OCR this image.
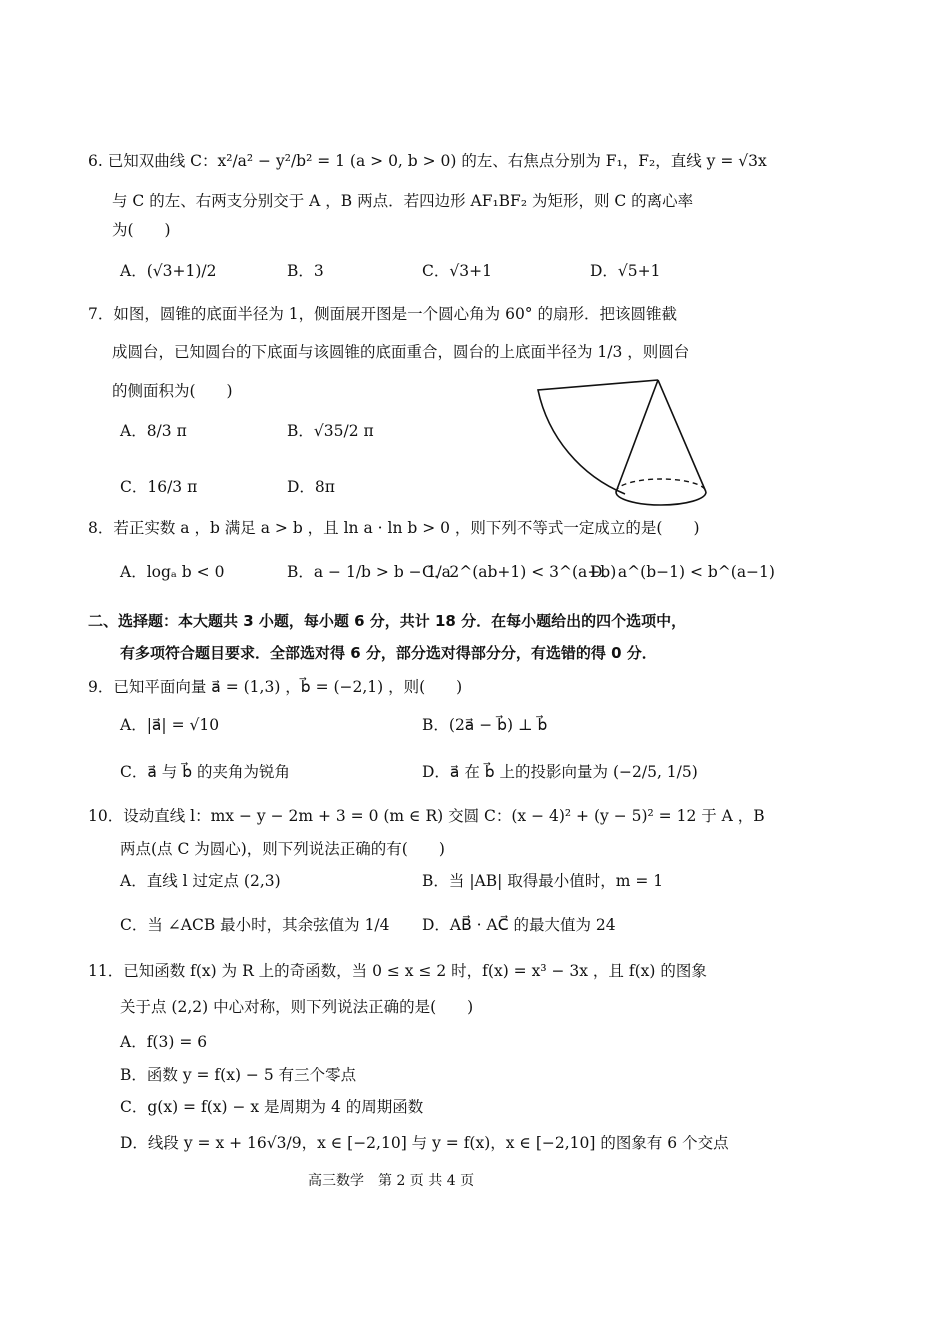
6. 已知双曲线 C：x²/a² − y²/b² = 1 (a > 0, b > 0) 的左、右焦点分别为 F₁，F₂，直线 y = √3x
与 C 的左、右两支分别交于 A ，B 两点．若四边形 AF₁BF₂ 为矩形，则 C 的离心率
为(　　)
A．(√3+1)/2	B．3	C．√3+1	D．√5+1
7．如图，圆锥的底面半径为 1，侧面展开图是一个圆心角为 60° 的扇形．把该圆锥截
成圆台，已知圆台的下底面与该圆锥的底面重合，圆台的上底面半径为 1/3 ，则圆台
的侧面积为(　　)
A．8/3 π	B．√35/2 π
C．16/3 π	D．8π
8．若正实数 a ，b 满足 a > b ，且 ln a · ln b > 0 ，则下列不等式一定成立的是(　　)
A．logₐ b < 0	B．a − 1/b > b − 1/a
C．2^(ab+1) < 3^(a+b)
D．a^(b−1) < b^(a−1)
二、选择题：本大题共 3 小题，每小题 6 分，共计 18 分．在每小题给出的四个选项中，
有多项符合题目要求．全部选对得 6 分，部分选对得部分分，有选错的得 0 分．
9．已知平面向量 a⃗ = (1,3) ，b⃗ = (−2,1) ，则(　　)
A．|a⃗| = √10	B．(2a⃗ − b⃗) ⊥ b⃗
C．a⃗ 与 b⃗ 的夹角为锐角	D．a⃗ 在 b⃗ 上的投影向量为 (−2/5, 1/5)
10．设动直线 l：mx − y − 2m + 3 = 0 (m ∈ R) 交圆 C：(x − 4)² + (y − 5)² = 12 于 A ，B
两点(点 C 为圆心)，则下列说法正确的有(　　)
A．直线 l 过定点 (2,3)	B．当 |AB| 取得最小值时，m = 1
C．当 ∠ACB 最小时，其余弦值为 1/4 D．AB⃗ · AC⃗ 的最大值为 24
11．已知函数 f(x) 为 R 上的奇函数，当 0 ≤ x ≤ 2 时，f(x) = x³ − 3x ，且 f(x) 的图象
关于点 (2,2) 中心对称，则下列说法正确的是(　　)
A．f(3) = 6
B．函数 y = f(x) − 5 有三个零点
C．g(x) = f(x) − x 是周期为 4 的周期函数
D．线段 y = x + 16√3/9，x ∈ [−2,10] 与 y = f(x)，x ∈ [−2,10] 的图象有 6 个交点
高三数学　第 2 页 共 4 页
